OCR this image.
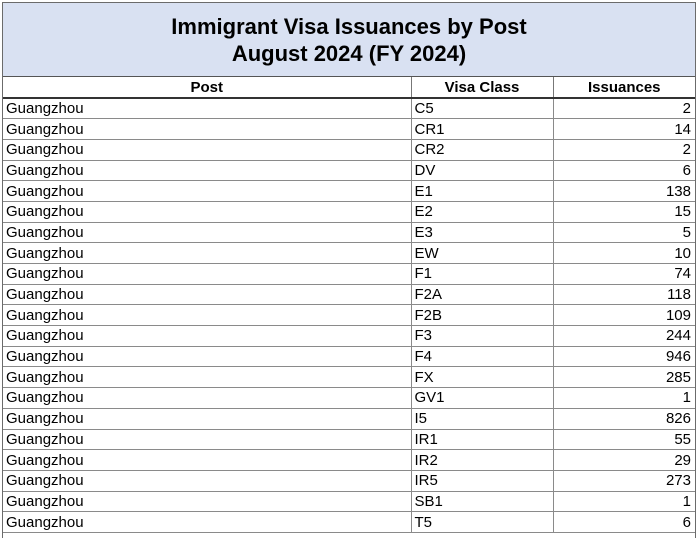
Immigrant Visa Issuances by Post
August 2024 (FY 2024)
Post	Visa Class	Issuances
Guangzhou	C5	2
Guangzhou	CR1	14
Guangzhou	CR2	2
Guangzhou	DV	6
Guangzhou	E1	138
Guangzhou	E2	15
Guangzhou	E3	5
Guangzhou	EW	10
Guangzhou	F1	74
Guangzhou	F2A	118
Guangzhou	F2B	109
Guangzhou	F3	244
Guangzhou	F4	946
Guangzhou	FX	285
Guangzhou	GV1	1
Guangzhou	I5	826
Guangzhou	IR1	55
Guangzhou	IR2	29
Guangzhou	IR5	273
Guangzhou	SB1	1
Guangzhou	T5	6
